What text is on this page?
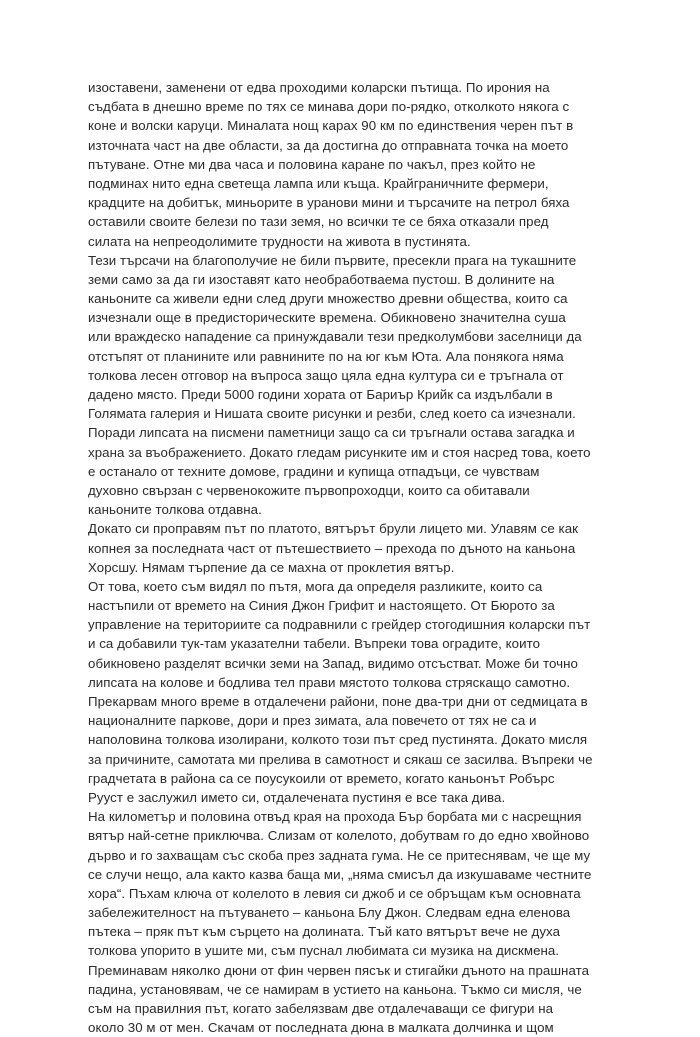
изоставени, заменени от едва проходими коларски пътища. По ирония на
съдбата в днешно време по тях се минава дори по-рядко, отколкото някога с
коне и волски каруци. Миналата нощ карах 90 км по единствения черен път в
източната част на две области, за да достигна до отправната точка на моето
пътуване. Отне ми два часа и половина каране по чакъл, през който не
подминах нито една светеща лампа или къща. Крайграничните фермери,
крадците на добитък, миньорите в уранови мини и търсачите на петрол бяха
оставили своите белези по тази земя, но всички те се бяха отказали пред
силата на непреодолимите трудности на живота в пустинята.
Тези търсачи на благополучие не били първите, пресекли прага на тукашните
земи само за да ги изоставят като необработваема пустош. В долините на
каньоните са живели едни след други множество древни общества, които са
изчезнали още в предисторическите времена. Обикновено значителна суша
или враждеско нападение са принуждавали тези предколумбови заселници да
отстъпят от планините или равнините по на юг към Юта. Ала понякога няма
толкова лесен отговор на въпроса защо цяла една култура си е тръгнала от
дадено място. Преди 5000 години хората от Бариър Крийк са издълбали в
Голямата галерия и Нишата своите рисунки и резби, след което са изчезнали.
Поради липсата на писмени паметници защо са си тръгнали остава загадка и
храна за въображението. Докато гледам рисунките им и стоя насред това, което
е останало от техните домове, градини и купища отпадъци, се чувствам
духовно свързан с червенокожите първопроходци, които са обитавали
каньоните толкова отдавна.
Докато си проправям път по платото, вятърът брули лицето ми. Улавям се как
копнея за последната част от пътешествието – прехода по дъното на каньона
Хорсшу. Нямам търпение да се махна от проклетия вятър.
От това, което съм видял по пътя, мога да определя разликите, които са
настъпили от времето на Синия Джон Грифит и настоящето. От Бюрото за
управление на териториите са подравнили с грейдер стогодишния коларски път
и са добавили тук-там указателни табели. Въпреки това оградите, които
обикновено разделят всички земи на Запад, видимо отсъстват. Може би точно
липсата на колове и бодлива тел прави мястото толкова стряскащо самотно.
Прекарвам много време в отдалечени райони, поне два-три дни от седмицата в
националните паркове, дори и през зимата, ала повечето от тях не са и
наполовина толкова изолирани, колкото този път сред пустинята. Докато мисля
за причините, самотата ми прелива в самотност и сякаш се засилва. Въпреки че
градчетата в района са се поусукоили от времето, когато каньонът Робърс
Рууст е заслужил името си, отдалечената пустиня е все така дива.
На километър и половина отвъд края на прохода Бър борбата ми с насрещния
вятър най-сетне приключва. Слизам от колелото, добутвам го до едно хвойново
дърво и го захващам със скоба през задната гума. Не се притеснявам, че ще му
се случи нещо, ала както казва баща ми, „няма смисъл да изкушаваме честните
хора“. Пъхам ключа от колелото в левия си джоб и се обръщам към основната
забележителност на пътуването – каньона Блу Джон. Следвам една еленова
пътека – пряк път към сърцето на долината. Тъй като вятърът вече не духа
толкова упорито в ушите ми, съм пуснал любимата си музика на дискмена.
Преминавам няколко дюни от фин червен пясък и стигайки дъното на прашната
падина, установявам, че се намирам в устието на каньона. Тъкмо си мисля, че
съм на правилния път, когато забелязвам две отдалечаващи се фигури на
около 30 м от мен. Скачам от последната дюна в малката долчинка и щом
